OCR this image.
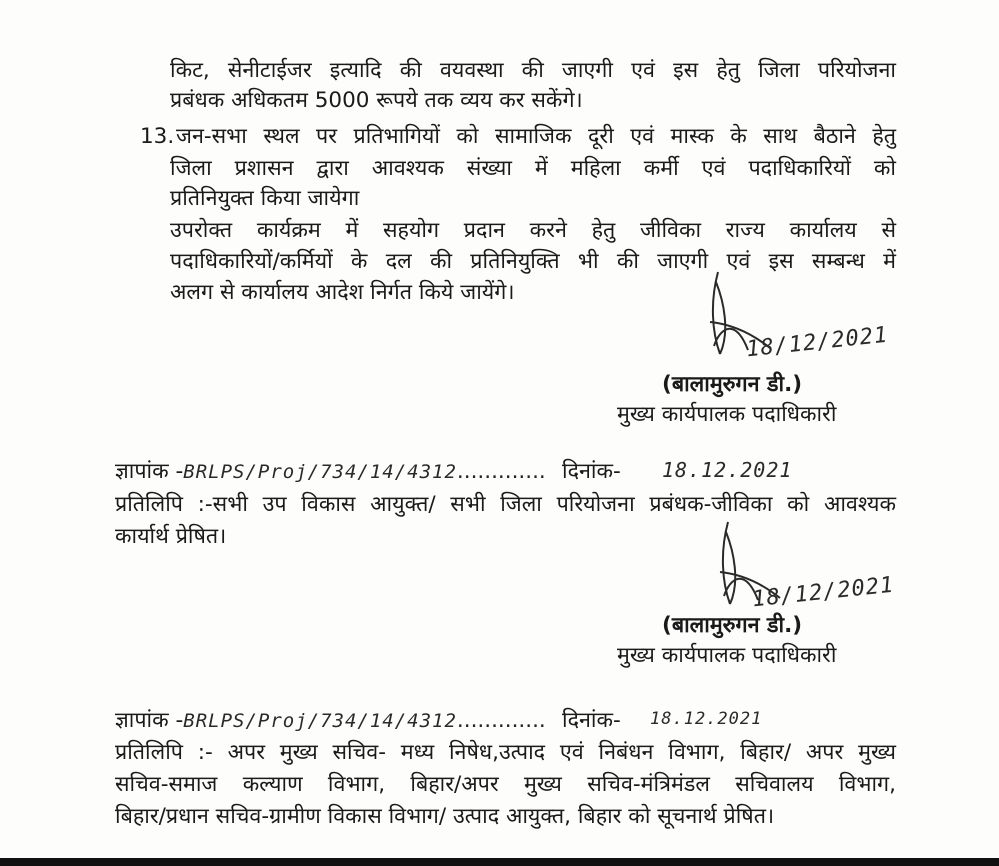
किट, सेनीटाईजर इत्यादि की वयवस्था की जाएगी एवं इस हेतु जिला परियोजना
प्रबंधक अधिकतम 5000 रूपये तक व्यय कर सकेंगे।
13. जन-सभा स्थल पर प्रतिभागियों को सामाजिक दूरी एवं मास्क के साथ बैठाने हेतु
जिला प्रशासन द्वारा आवश्यक संख्या में महिला कर्मी एवं पदाधिकारियों को
प्रतिनियुक्त किया जायेगा
उपरोक्त कार्यक्रम में सहयोग प्रदान करने हेतु जीविका राज्य कार्यालय से
पदाधिकारियों/कर्मियों के दल की प्रतिनियुक्ति भी की जाएगी एवं इस सम्बन्ध में
अलग से कार्यालय आदेश निर्गत किये जायेंगे।
18/12/2021
(बालामुरुगन डी.)
मुख्य कार्यपालक पदाधिकारी
ज्ञापांक -BRLPS/Proj/734/14/4312............. दिनांक- 18.12.2021
प्रतिलिपि :-सभी उप विकास आयुक्त/ सभी जिला परियोजना प्रबंधक-जीविका को आवश्यक
कार्यार्थ प्रेषित।
18/12/2021
(बालामुरुगन डी.)
मुख्य कार्यपालक पदाधिकारी
ज्ञापांक -BRLPS/Proj/734/14/4312............. दिनांक- 18.12.2021
प्रतिलिपि :- अपर मुख्य सचिव- मध्य निषेध,उत्पाद एवं निबंधन विभाग, बिहार/ अपर मुख्य
सचिव-समाज कल्याण विभाग, बिहार/अपर मुख्य सचिव-मंत्रिमंडल सचिवालय विभाग,
बिहार/प्रधान सचिव-ग्रामीण विकास विभाग/ उत्पाद आयुक्त, बिहार को सूचनार्थ प्रेषित।
